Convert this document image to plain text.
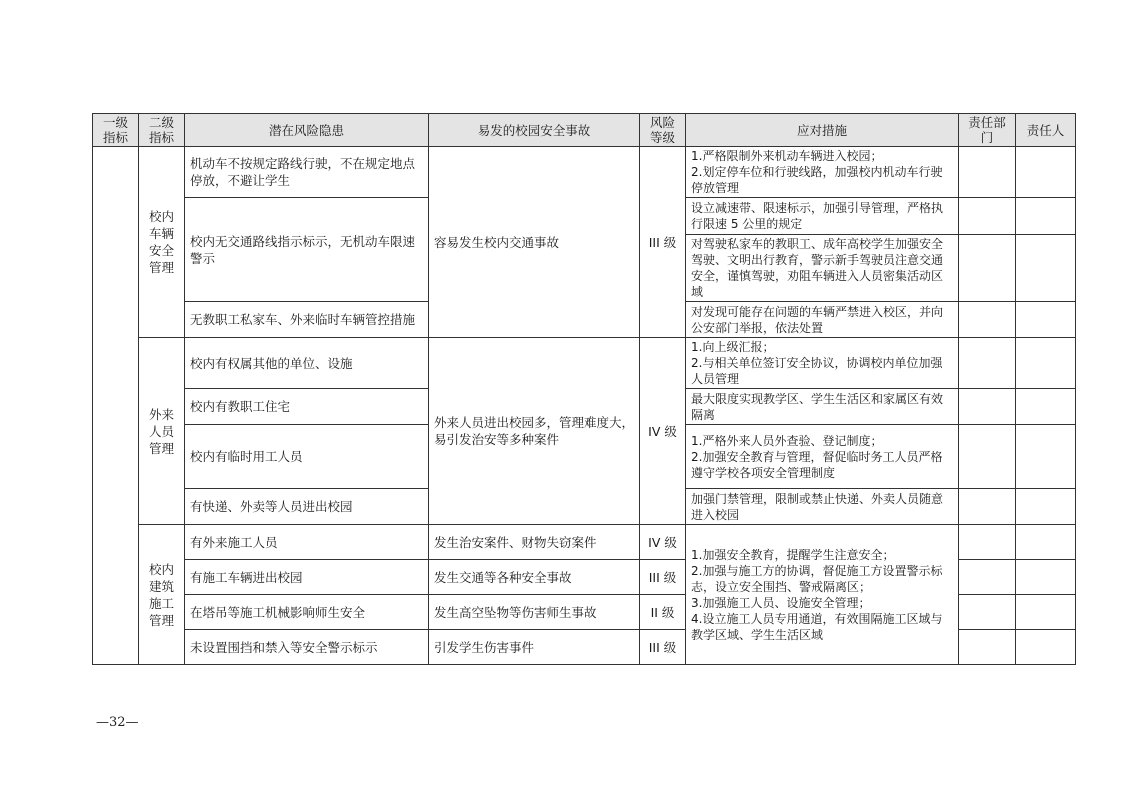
一级指标	二级指标	潜在风险隐患	易发的校园安全事故	风险等级	应对措施	责任部门	责任人
	校内车辆安全管理	机动车不按规定路线行驶，不在规定地点停放，不避让学生	容易发生校内交通事故	III 级	1.严格限制外来机动车辆进入校园；
2.划定停车位和行驶线路，加强校内机动车行驶停放管理		
		校内无交通路线指示标示，无机动车限速警示			设立减速带、限速标示，加强引导管理，严格执行限速 5 公里的规定		
					对驾驶私家车的教职工、成年高校学生加强安全驾驶、文明出行教育，警示新手驾驶员注意交通安全，谨慎驾驶，劝阻车辆进入人员密集活动区域		
		无教职工私家车、外来临时车辆管控措施			对发现可能存在问题的车辆严禁进入校区，并向公安部门举报，依法处置		
	外来人员管理	校内有权属其他的单位、设施	外来人员进出校园多，管理难度大，易引发治安等多种案件	IV 级	1.向上级汇报；
2.与相关单位签订安全协议，协调校内单位加强人员管理		
		校内有教职工住宅			最大限度实现教学区、学生生活区和家属区有效隔离		
		校内有临时用工人员			1.严格外来人员外查验、登记制度；
2.加强安全教育与管理，督促临时务工人员严格遵守学校各项安全管理制度		
		有快递、外卖等人员进出校园			加强门禁管理，限制或禁止快递、外卖人员随意进入校园		
	校内建筑施工管理	有外来施工人员	发生治安案件、财物失窃案件	IV 级	1.加强安全教育，提醒学生注意安全；
2.加强与施工方的协调，督促施工方设置警示标志，设立安全围挡、警戒隔离区；
3.加强施工人员、设施安全管理；
4.设立施工人员专用通道，有效围隔施工区域与教学区域、学生生活区域		
		有施工车辆进出校园	发生交通等各种安全事故	III 级			
		在塔吊等施工机械影响师生安全	发生高空坠物等伤害师生事故	II 级			
		未设置围挡和禁入等安全警示标示	引发学生伤害事件	III 级			
—32—
